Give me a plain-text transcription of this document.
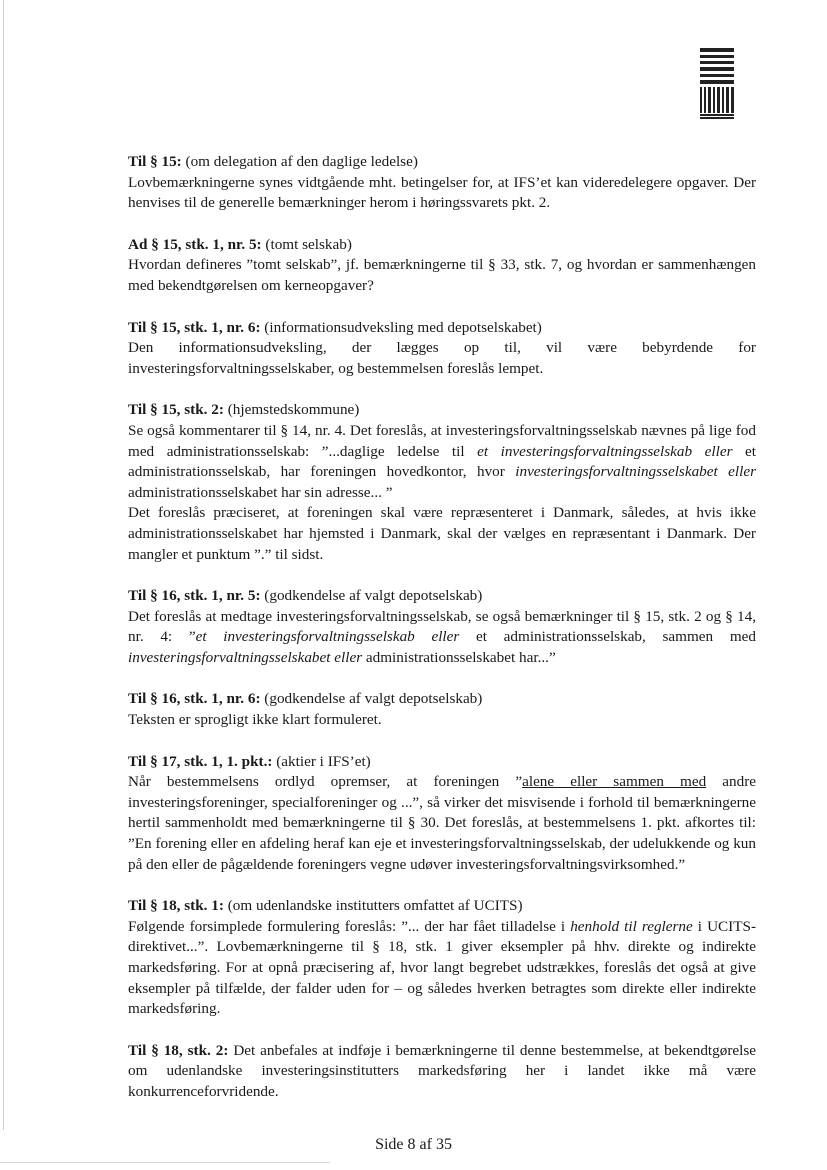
Til § 15: (om delegation af den daglige ledelse)

Lovbemærkningerne synes vidtgående mht. betingelser for, at IFS’et kan videredelegere opgaver. Der henvises til de generelle bemærkninger herom i høringssvarets pkt. 2.

Ad § 15, stk. 1, nr. 5: (tomt selskab)

Hvordan defineres ”tomt selskab”, jf. bemærkningerne til § 33, stk. 7, og hvordan er sammenhængen med bekendtgørelsen om kerneopgaver?

Til § 15, stk. 1, nr. 6: (informationsudveksling med depotselskabet)

Den informationsudveksling, der lægges op til, vil være bebyrdende for investeringsforvaltningsselskaber, og bestemmelsen foreslås lempet.

Til § 15, stk. 2: (hjemstedskommune)

Se også kommentarer til § 14, nr. 4. Det foreslås, at investeringsforvaltningsselskab nævnes på lige fod med administrationsselskab: ”...daglige ledelse til et investeringsforvaltningsselskab eller et administrationsselskab, har foreningen hovedkontor, hvor investeringsforvaltningsselskabet eller administrationsselskabet har sin adresse... ”

Det foreslås præciseret, at foreningen skal være repræsenteret i Danmark, således, at hvis ikke administrationsselskabet har hjemsted i Danmark, skal der vælges en repræsentant i Danmark. Der mangler et punktum ”.” til sidst.

Til § 16, stk. 1, nr. 5: (godkendelse af valgt depotselskab)

Det foreslås at medtage investeringsforvaltningsselskab, se også bemærkninger til § 15, stk. 2 og § 14, nr. 4: ”et investeringsforvaltningsselskab eller et administrationsselskab, sammen med investeringsforvaltningsselskabet eller administrationsselskabet har...”

Til § 16, stk. 1, nr. 6: (godkendelse af valgt depotselskab)

Teksten er sprogligt ikke klart formuleret.

Til § 17, stk. 1, 1. pkt.: (aktier i IFS’et)

Når bestemmelsens ordlyd opremser, at foreningen ”alene eller sammen med andre investeringsforeninger, specialforeninger og ...”, så virker det misvisende i forhold til bemærkningerne hertil sammenholdt med bemærkningerne til § 30. Det foreslås, at bestemmelsens 1. pkt. afkortes til: ”En forening eller en afdeling heraf kan eje et investeringsforvaltningsselskab, der udelukkende og kun på den eller de pågældende foreningers vegne udøver investeringsforvaltningsvirksomhed.”

Til § 18, stk. 1: (om udenlandske institutters omfattet af UCITS)

Følgende forsimplede formulering foreslås: ”... der har fået tilladelse i henhold til reglerne i UCITS-direktivet...”. Lovbemærkningerne til § 18, stk. 1 giver eksempler på hhv. direkte og indirekte markedsføring. For at opnå præcisering af, hvor langt begrebet udstrækkes, foreslås det også at give eksempler på tilfælde, der falder uden for – og således hverken betragtes som direkte eller indirekte markedsføring.

Til § 18, stk. 2: Det anbefales at indføje i bemærkningerne til denne bestemmelse, at bekendtgørelse om udenlandske investeringsinstitutters markedsføring her i landet ikke må være konkurrenceforvridende.

Side 8 af 35
